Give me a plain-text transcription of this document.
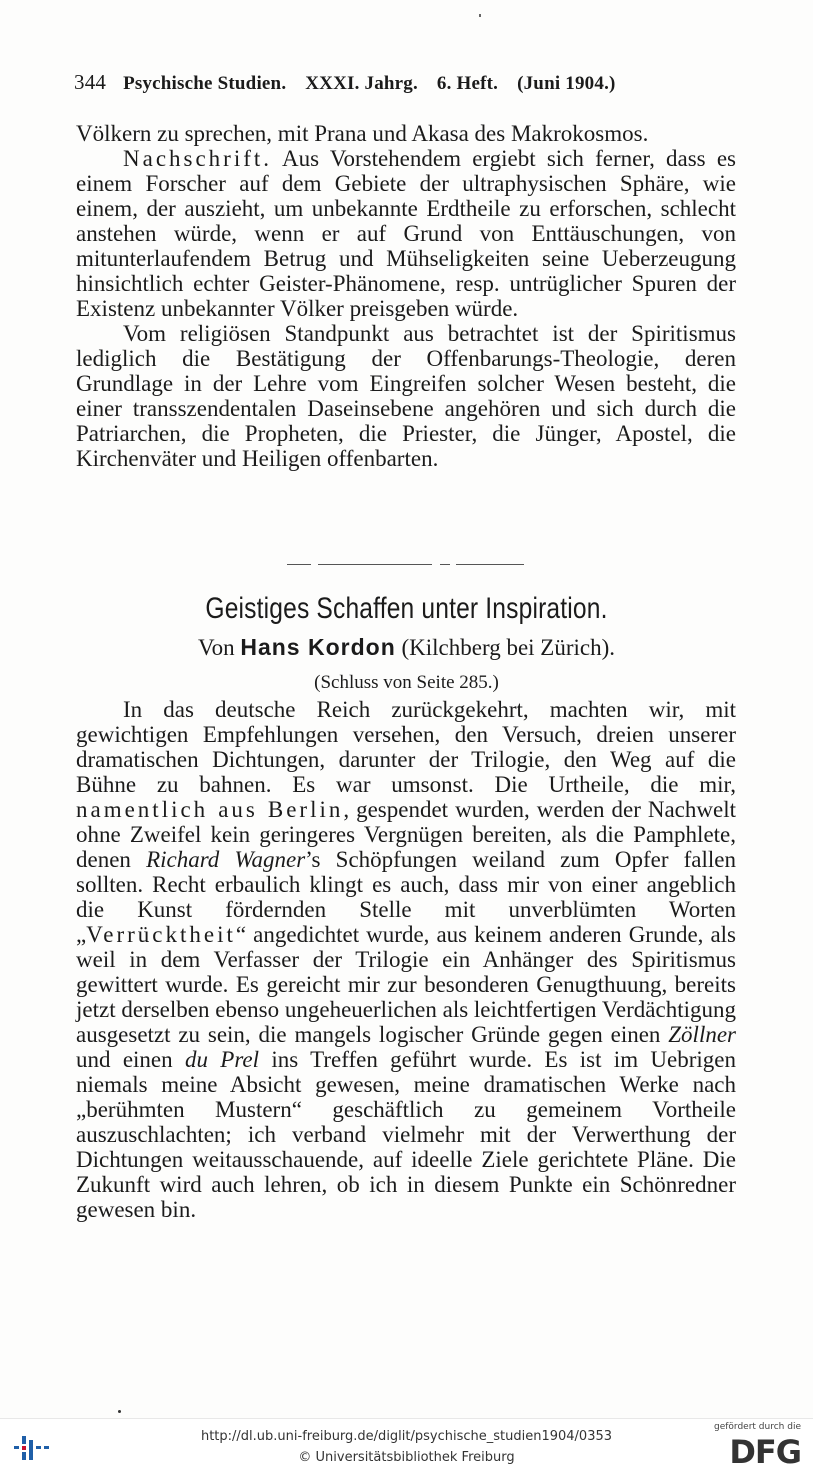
344 Psychische Studien. XXXI. Jahrg. 6. Heft. (Juni 1904.)

Völkern zu sprechen, mit Prana und Akasa des Makrokosmos.

Nachschrift. Aus Vorstehendem ergiebt sich ferner, dass es einem Forscher auf dem Gebiete der ultraphysischen Sphäre, wie einem, der auszieht, um unbekannte Erdtheile zu erforschen, schlecht anstehen würde, wenn er auf Grund von Enttäuschungen, von mitunterlaufendem Betrug und Mühseligkeiten seine Ueberzeugung hinsichtlich echter Geister-Phänomene, resp. untrüglicher Spuren der Existenz unbekannter Völker preisgeben würde.

Vom religiösen Standpunkt aus betrachtet ist der Spiritismus lediglich die Bestätigung der Offenbarungs-Theologie, deren Grundlage in der Lehre vom Eingreifen solcher Wesen besteht, die einer transszendentalen Daseinsebene angehören und sich durch die Patriarchen, die Propheten, die Priester, die Jünger, Apostel, die Kirchenväter und Heiligen offenbarten.

Geistiges Schaffen unter Inspiration.
Von Hans Kordon (Kilchberg bei Zürich).
(Schluss von Seite 285.)

In das deutsche Reich zurückgekehrt, machten wir, mit gewichtigen Empfehlungen versehen, den Versuch, dreien unserer dramatischen Dichtungen, darunter der Trilogie, den Weg auf die Bühne zu bahnen. Es war umsonst. Die Urtheile, die mir, namentlich aus Berlin, gespendet wurden, werden der Nachwelt ohne Zweifel kein geringeres Vergnügen bereiten, als die Pamphlete, denen Richard Wagner’s Schöpfungen weiland zum Opfer fallen sollten. Recht erbaulich klingt es auch, dass mir von einer angeblich die Kunst fördernden Stelle mit unverblümten Worten „Verrücktheit“ angedichtet wurde, aus keinem anderen Grunde, als weil in dem Verfasser der Trilogie ein Anhänger des Spiritismus gewittert wurde. Es gereicht mir zur besonderen Genugthuung, bereits jetzt derselben ebenso ungeheuerlichen als leichtfertigen Verdächtigung ausgesetzt zu sein, die mangels logischer Gründe gegen einen Zöllner und einen du Prel ins Treffen geführt wurde. Es ist im Uebrigen niemals meine Absicht gewesen, meine dramatischen Werke nach „berühmten Mustern“ geschäftlich zu gemeinem Vortheile auszuschlachten; ich verband vielmehr mit der Verwerthung der Dichtungen weitausschauende, auf ideelle Ziele gerichtete Pläne. Die Zukunft wird auch lehren, ob ich in diesem Punkte ein Schönredner gewesen bin.

http://dl.ub.uni-freiburg.de/diglit/psychische_studien1904/0353
© Universitätsbibliothek Freiburg
gefördert durch die
DFG
